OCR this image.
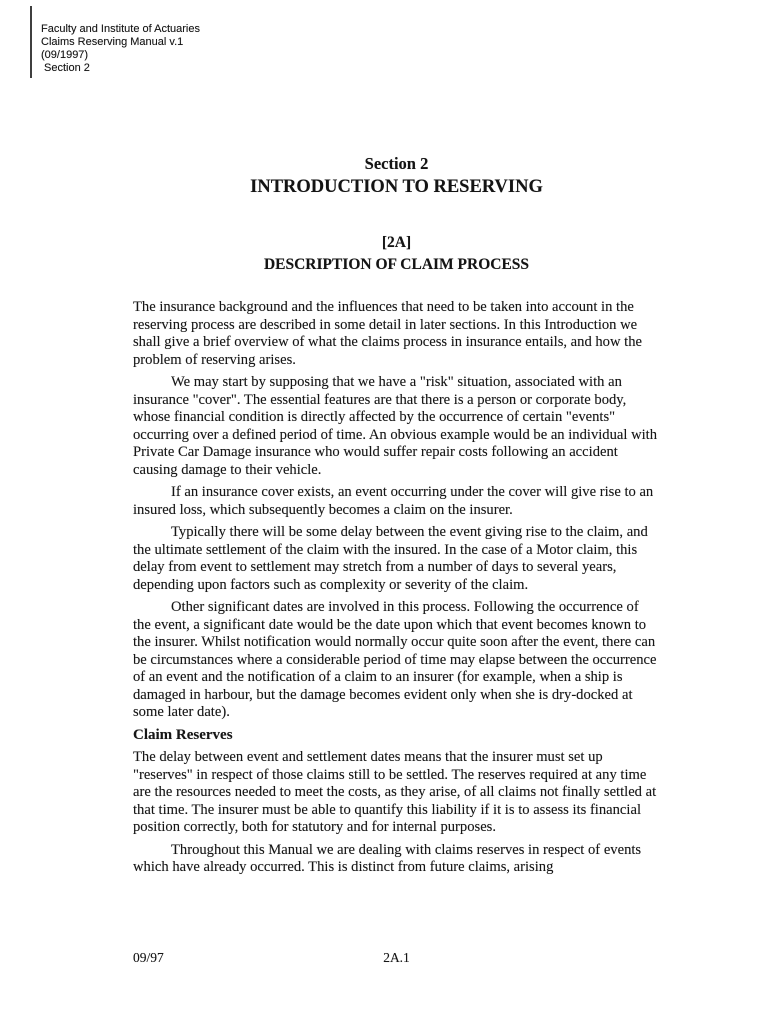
Faculty and Institute of Actuaries
Claims Reserving Manual v.1
(09/1997)
Section 2
Section 2
INTRODUCTION TO RESERVING
[2A]
DESCRIPTION OF CLAIM PROCESS

The insurance background and the influences that need to be taken into account in the reserving process are described in some detail in later sections. In this Introduction we shall give a brief overview of what the claims process in insurance entails, and how the problem of reserving arises.

We may start by supposing that we have a "risk" situation, associated with an insurance "cover". The essential features are that there is a person or corporate body, whose financial condition is directly affected by the occurrence of certain "events" occurring over a defined period of time. An obvious example would be an individual with Private Car Damage insurance who would suffer repair costs following an accident causing damage to their vehicle.

If an insurance cover exists, an event occurring under the cover will give rise to an insured loss, which subsequently becomes a claim on the insurer.

Typically there will be some delay between the event giving rise to the claim, and the ultimate settlement of the claim with the insured. In the case of a Motor claim, this delay from event to settlement may stretch from a number of days to several years, depending upon factors such as complexity or severity of the claim.

Other significant dates are involved in this process. Following the occurrence of the event, a significant date would be the date upon which that event becomes known to the insurer. Whilst notification would normally occur quite soon after the event, there can be circumstances where a considerable period of time may elapse between the occurrence of an event and the notification of a claim to an insurer (for example, when a ship is damaged in harbour, but the damage becomes evident only when she is dry-docked at some later date).

Claim Reserves

The delay between event and settlement dates means that the insurer must set up "reserves" in respect of those claims still to be settled. The reserves required at any time are the resources needed to meet the costs, as they arise, of all claims not finally settled at that time. The insurer must be able to quantify this liability if it is to assess its financial position correctly, both for statutory and for internal purposes.

Throughout this Manual we are dealing with claims reserves in respect of events which have already occurred. This is distinct from future claims, arising

09/97	2A.1
